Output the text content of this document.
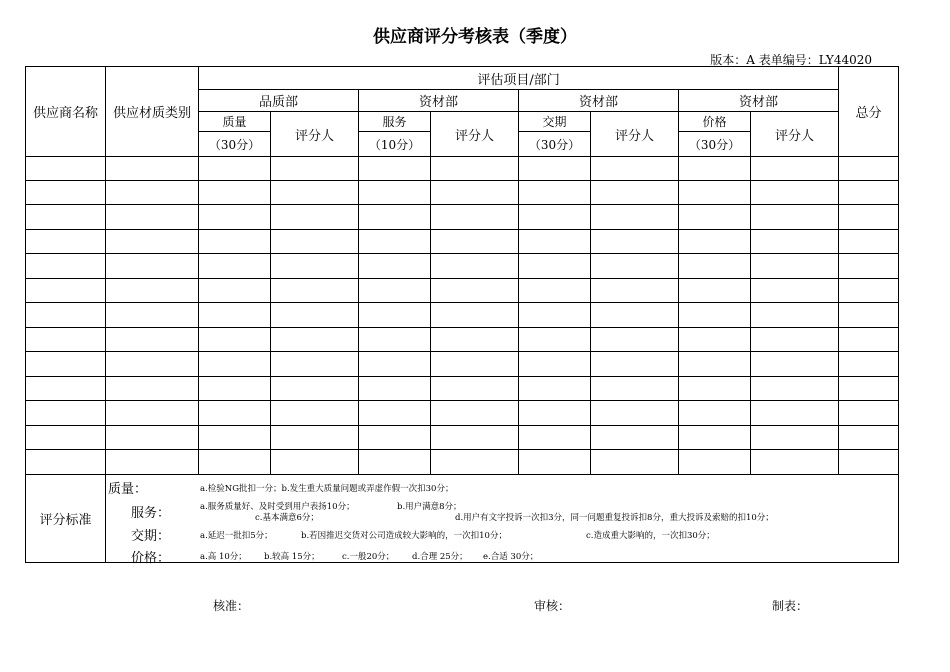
供应商评分考核表（季度）
版本：A 表单编号：LY44020
供应商名称	供应材质类别	评估项目/部门								总分
		品质部		资材部		资材部		资材部		
		质量	评分人	服务	评分人	交期	评分人	价格	评分人	
		（30分）		（10分）		（30分）		（30分）		

评分标准										
质量：	a.检验NG批扣一分；b.发生重大质量问题或弄虚作假一次扣30分；
服务：	a.服务质量好、及时受到用户表扬10分；	b.用户满意8分；
c.基本满意6分；	d.用户有文字投诉一次扣3分，同一问题重复投诉扣8分，重大投诉及索赔的扣10分；
交期：	a.延迟一批扣5分；	b.若因推迟交货对公司造成较大影响的，一次扣10分；	c.造成重大影响的，一次扣30分；
价格：	a.高 10分； b.较高 15分；	c.一般20分； d.合理 25分； e.合适 30分；
核准：	审核：	制表：
